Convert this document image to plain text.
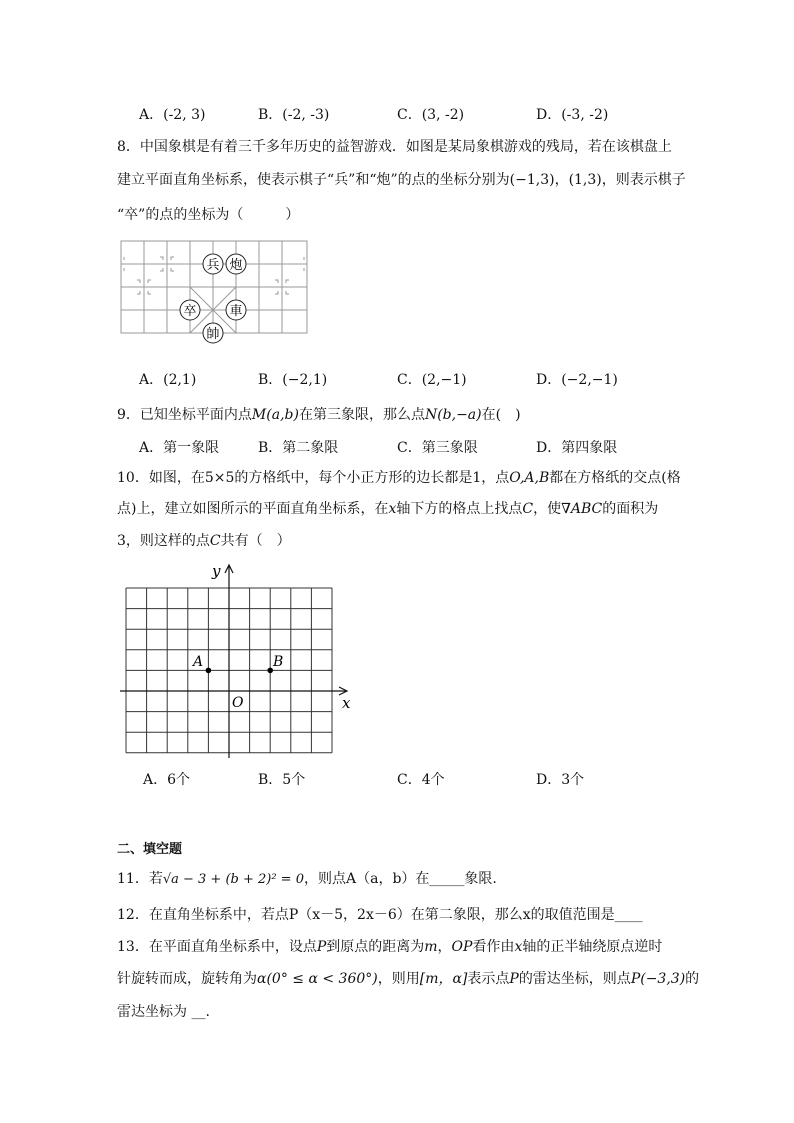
A．(-2, 3)	B．(-2, -3)	C．(3, -2)	D．(-3, -2)
8．中国象棋是有着三千多年历史的益智游戏．如图是某局象棋游戏的残局，若在该棋盘上
建立平面直角坐标系，使表示棋子“兵”和“炮”的点的坐标分别为(−1,3)，(1,3)，则表示棋子
“卒”的点的坐标为（　　　）
兵 炮
卒	車
帥
A．(2,1)	B．(−2,1)	C．(2,−1)	D．(−2,−1)
9．已知坐标平面内点M(a,b)在第三象限，那么点N(b,−a)在(　)
A．第一象限	B．第二象限	C．第三象限	D．第四象限
10．如图，在5×5的方格纸中，每个小正方形的边长都是1，点O,A,B都在方格纸的交点(格
点)上，建立如图所示的平面直角坐标系，在x轴下方的格点上找点C，使∇ABC的面积为
3，则这样的点C共有（　）
y
x
O
A	B
A．6个	B．5个	C．4个	D．3个
二、填空题
11．若√a − 3 + (b + 2)² = 0，则点A（a，b）在_____象限.
12．在直角坐标系中，若点P（x－5，2x－6）在第二象限，那么x的取值范围是____
13．在平面直角坐标系中，设点P到原点的距离为m，OP看作由x轴的正半轴绕原点逆时
针旋转而成，旋转角为α(0° ≤ α < 360°)，则用[m，α]表示点P的雷达坐标，则点P(−3,3)的
雷达坐标为 __.
